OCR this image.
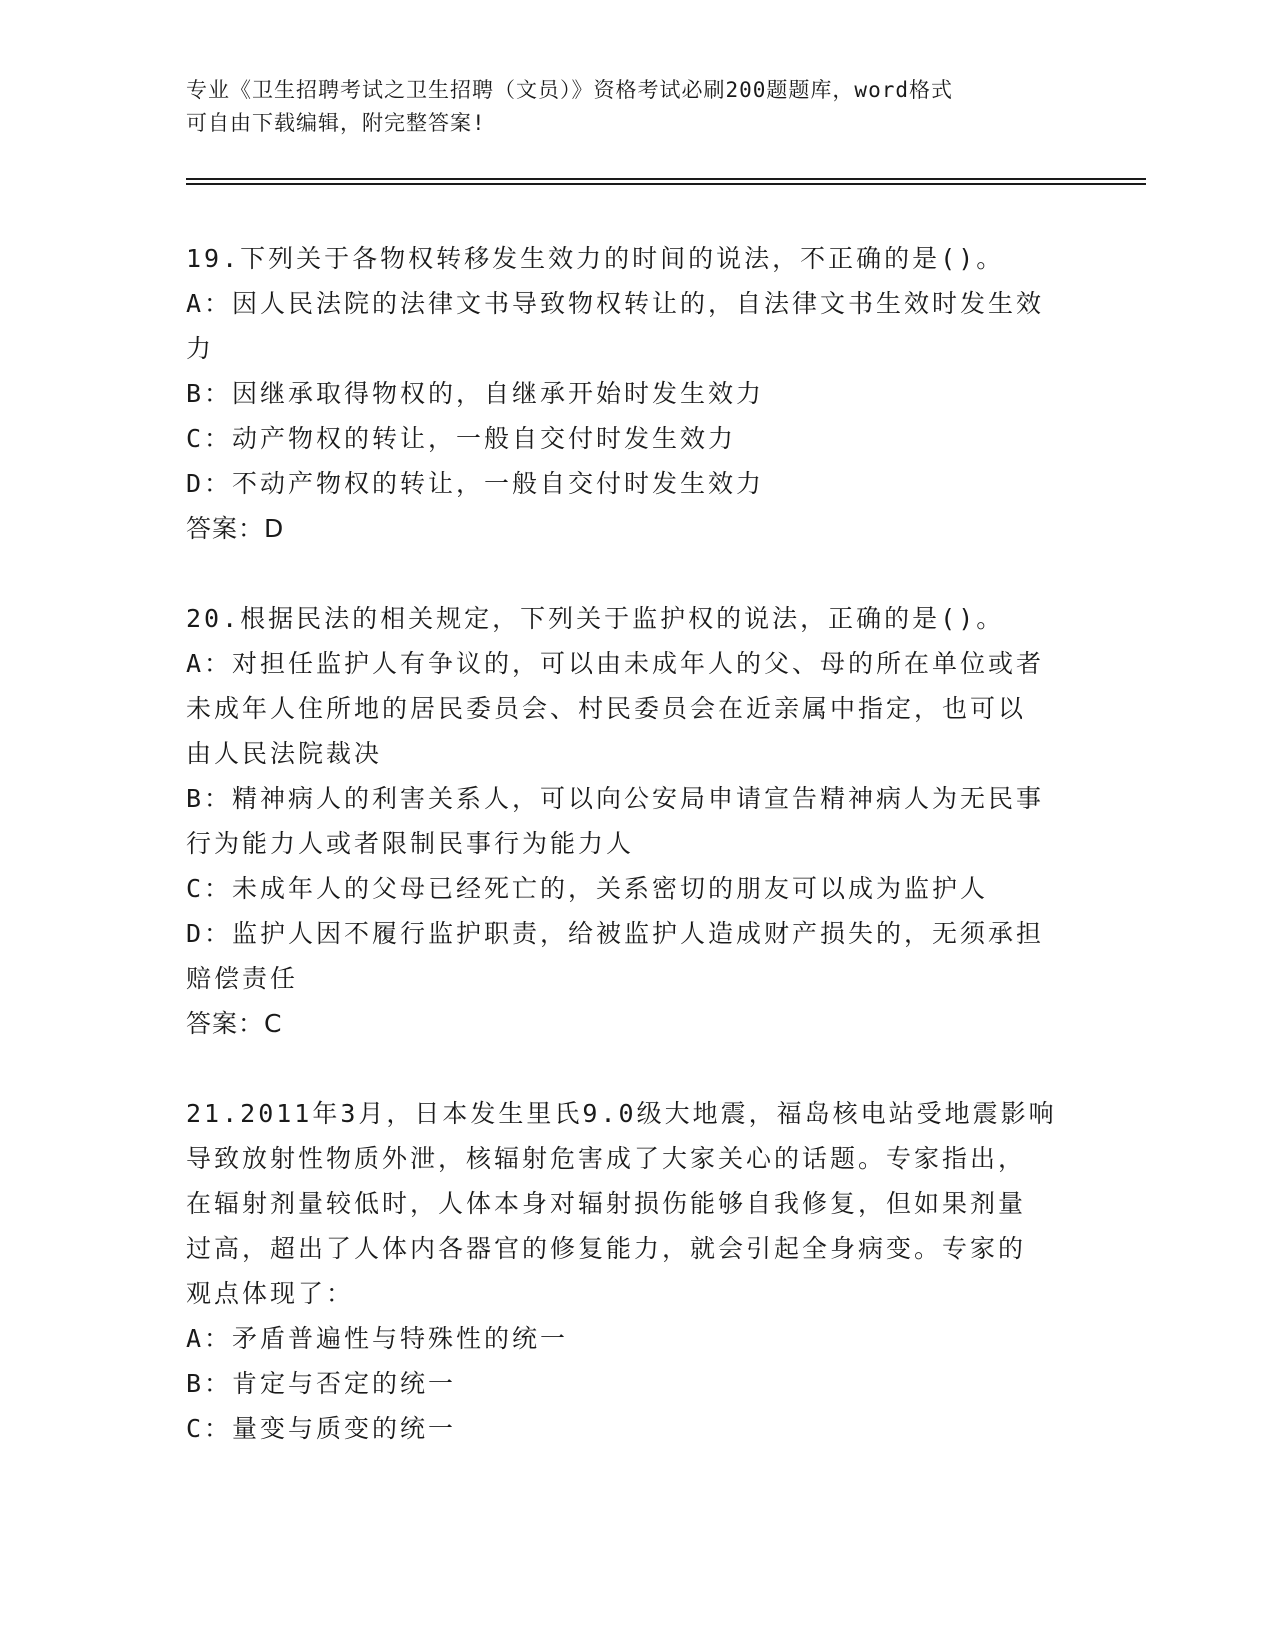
专业《卫生招聘考试之卫生招聘（文员）》资格考试必刷200题题库，word格式

可自由下载编辑，附完整答案!

19.下列关于各物权转移发生效力的时间的说法，不正确的是()。

A：因人民法院的法律文书导致物权转让的，自法律文书生效时发生效

力

B：因继承取得物权的，自继承开始时发生效力

C：动产物权的转让，一般自交付时发生效力

D：不动产物权的转让，一般自交付时发生效力

答案：D

20.根据民法的相关规定，下列关于监护权的说法，正确的是()。

A：对担任监护人有争议的，可以由未成年人的父、母的所在单位或者

未成年人住所地的居民委员会、村民委员会在近亲属中指定，也可以

由人民法院裁决

B：精神病人的利害关系人，可以向公安局申请宣告精神病人为无民事

行为能力人或者限制民事行为能力人

C：未成年人的父母已经死亡的，关系密切的朋友可以成为监护人

D：监护人因不履行监护职责，给被监护人造成财产损失的，无须承担

赔偿责任

答案：C

21.2011年3月，日本发生里氏9.0级大地震，福岛核电站受地震影响

导致放射性物质外泄，核辐射危害成了大家关心的话题。专家指出，

在辐射剂量较低时，人体本身对辐射损伤能够自我修复，但如果剂量

过高，超出了人体内各器官的修复能力，就会引起全身病变。专家的

观点体现了：

A：矛盾普遍性与特殊性的统一

B：肯定与否定的统一

C：量变与质变的统一
